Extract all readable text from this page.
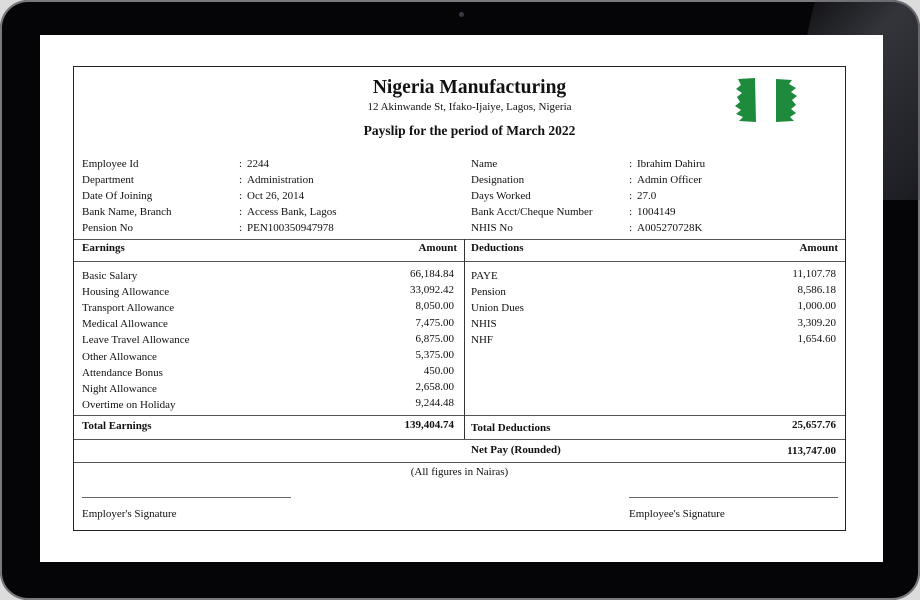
Nigeria Manufacturing
12 Akinwande St, Ifako-Ijaiye, Lagos, Nigeria
Payslip for the period of March 2022
Employee Id	: 2244
Department	: Administration
Date Of Joining	: Oct 26, 2014
Bank Name, Branch	: Access Bank, Lagos
Pension No	: PEN100350947978
Name	: Ibrahim Dahiru
Designation	: Admin Officer
Days Worked	: 27.0
Bank Acct/Cheque Number	: 1004149
NHIS No	: A005270728K
Earnings	Amount Deductions	Amount
Basic Salary	66,184.84
Housing Allowance	33,092.42
Transport Allowance	8,050.00
Medical Allowance	7,475.00
Leave Travel Allowance	6,875.00
Other Allowance	5,375.00
Attendance Bonus	450.00
Night Allowance	2,658.00
Overtime on Holiday	9,244.48
PAYE	11,107.78
Pension	8,586.18
Union Dues	1,000.00
NHIS	3,309.20
NHF	1,654.60
Total Earnings	139,404.74 Total Deductions	25,657.76
Net Pay (Rounded)	113,747.00
(All figures in Nairas)
Employer's Signature	Employee's Signature
